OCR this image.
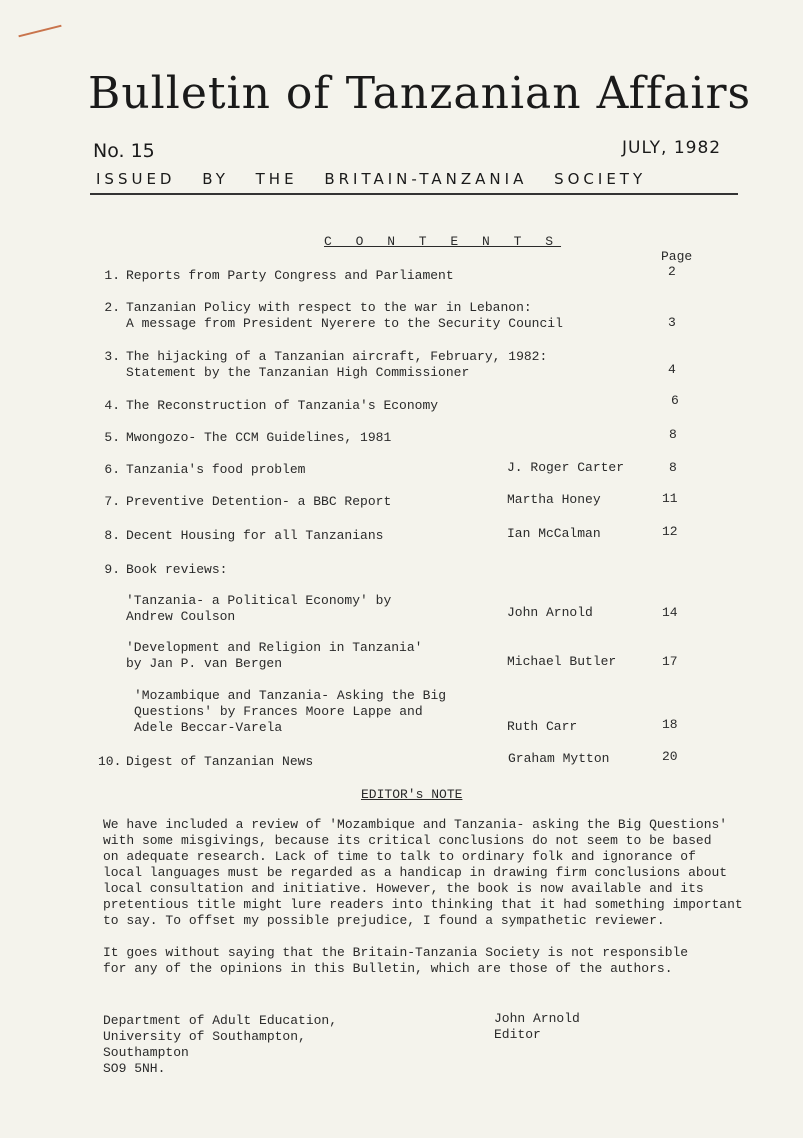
Bulletin of Tanzanian Affairs
No. 15	JULY, 1982
ISSUED BY THE BRITAIN-TANZANIA SOCIETY
C O N T E N T S
Page
1. Reports from Party Congress and Parliament	2
2. Tanzanian Policy with respect to the war in Lebanon:
A message from President Nyerere to the Security Council	3
3. The hijacking of a Tanzanian aircraft, February, 1982:
Statement by the Tanzanian High Commissioner	4
4. The Reconstruction of Tanzania's Economy	6
5. Mwongozo- The CCM Guidelines, 1981	8
6. Tanzania's food problem	J. Roger Carter	8
7. Preventive Detention- a BBC Report	Martha Honey	11
8. Decent Housing for all Tanzanians	Ian McCalman	12
9. Book reviews:
'Tanzania- a Political Economy' by
Andrew Coulson	John Arnold	14
'Development and Religion in Tanzania'
by Jan P. van Bergen	Michael Butler	17
'Mozambique and Tanzania- Asking the Big
Questions' by Frances Moore Lappe and
Adele Beccar-Varela	Ruth Carr	18
10. Digest of Tanzanian News	Graham Mytton	20
EDITOR's NOTE
We have included a review of 'Mozambique and Tanzania- asking the Big Questions'
with some misgivings, because its critical conclusions do not seem to be based
on adequate research. Lack of time to talk to ordinary folk and ignorance of
local languages must be regarded as a handicap in drawing firm conclusions about
local consultation and initiative. However, the book is now available and its
pretentious title might lure readers into thinking that it had something important
to say. To offset my possible prejudice, I found a sympathetic reviewer.
It goes without saying that the Britain-Tanzania Society is not responsible
for any of the opinions in this Bulletin, which are those of the authors.
Department of Adult Education,
University of Southampton,
Southampton
SO9 5NH.
John Arnold
Editor
